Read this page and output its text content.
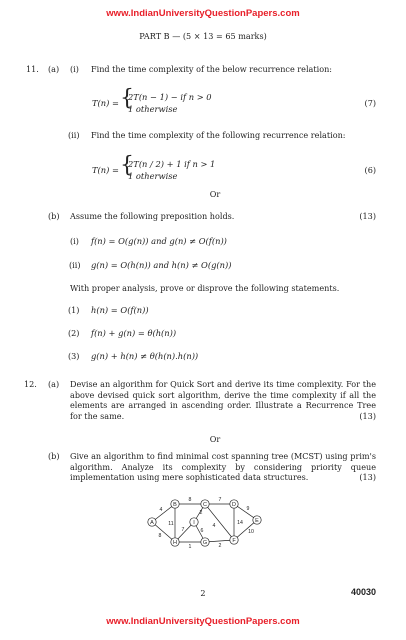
www.IndianUniversityQuestionPapers.com
PART B — (5 × 13 = 65 marks)
11. (a) (i) Find the time complexity of the below recurrence relation:
T(n) = {
2T(n − 1) − if n > 0
1 otherwise
(7)
(ii) Find the time complexity of the following recurrence relation:
T(n) = {
2T(n / 2) + 1 if n > 1
1 otherwise
(6)
Or
(b) Assume the following preposition holds.	(13)
(i) f(n) = O(g(n)) and g(n) ≠ O(f(n))
(ii) g(n) = O(h(n)) and h(n) ≠ O(g(n))
With proper analysis, prove or disprove the following statements.
(1) h(n) = O(f(n))
(2) f(n) + g(n) = θ(h(n))
(3) g(n) + h(n) ≠ θ(h(n).h(n))
12. (a) Devise an algorithm for Quick Sort and derive its time complexity. For the above devised quick sort algorithm, derive the time complexity if all the elements are arranged in ascending order. Illustrate a Recurrence Tree for the same.	(13)
Or
(b) Give an algorithm to find minimal cost spanning tree (MCST) using prim's algorithm. Analyze its complexity by considering priority queue implementation using mere sophisticated data structures.	(13)
A
B	C	D
E
F
G
H
I
4
8	7
9
2
4	14
10
11
7	6
1	2
8
2	40030
www.IndianUniversityQuestionPapers.com
